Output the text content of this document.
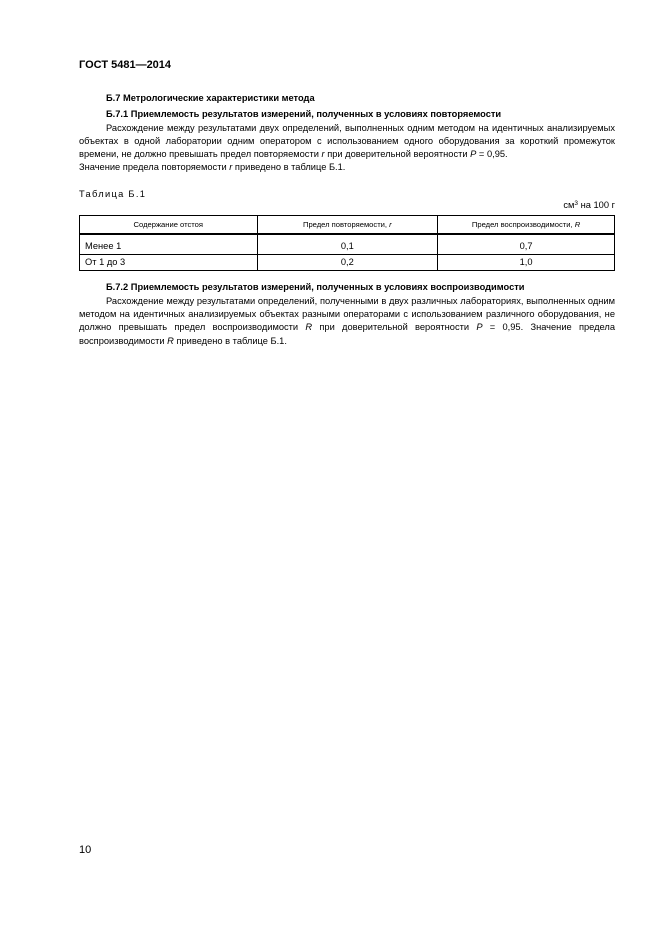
ГОСТ 5481—2014
Б.7 Метрологические характеристики метода
Б.7.1 Приемлемость результатов измерений, полученных в условиях повторяемости

Расхождение между результатами двух определений, выполненных одним методом на идентичных анализируемых объектах в одной лаборатории одним оператором с использованием одного оборудования за короткий промежуток времени, не должно превышать предел повторяемости r при доверительной вероятности P = 0,95.

Значение предела повторяемости r приведено в таблице Б.1.

Таблица Б.1
$см^3$ на 100 г
Содержание отстоя	Предел повторяемости, r	Предел воспроизводимости, R

Менее 1	0,1	0,7
От 1 до 3	0,2	1,0
Б.7.2 Приемлемость результатов измерений, полученных в условиях воспроизводимости

Расхождение между результатами определений, полученными в двух различных лабораториях, выполненных одним методом на идентичных анализируемых объектах разными операторами с использованием различного оборудования, не должно превышать предел воспроизводимости R при доверительной вероятности P = 0,95. Значение предела воспроизводимости R приведено в таблице Б.1.

10
